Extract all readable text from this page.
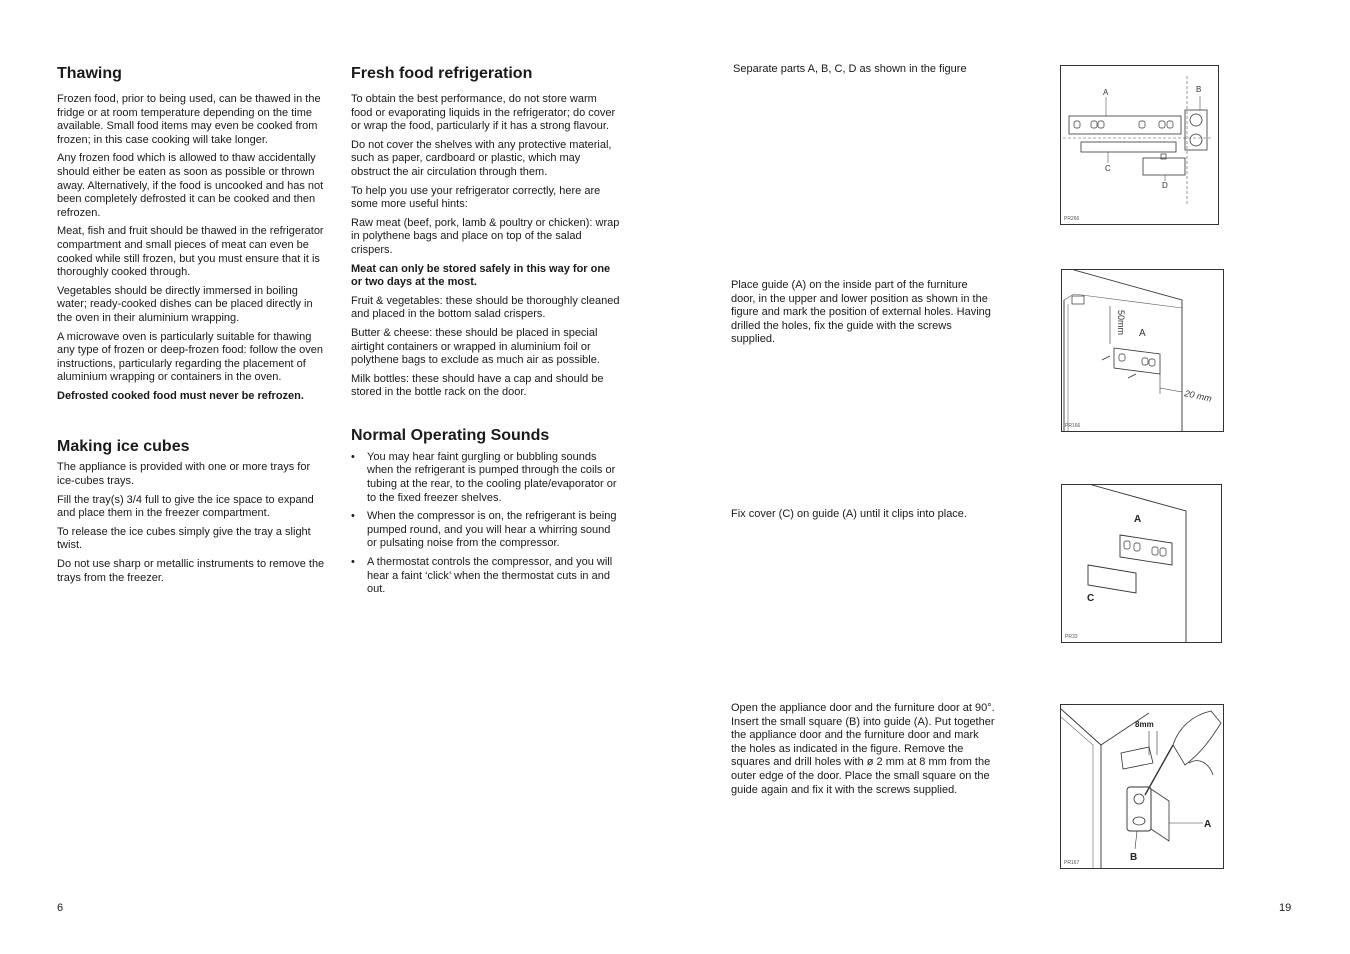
Thawing

Frozen food, prior to being used, can be thawed in the fridge or at room temperature depending on the time available. Small food items may even be cooked from frozen; in this case cooking will take longer.

Any frozen food which is allowed to thaw accidentally should either be eaten as soon as possible or thrown away. Alternatively, if the food is uncooked and has not been completely defrosted it can be cooked and then refrozen.

Meat, fish and fruit should be thawed in the refrigerator compartment and small pieces of meat can even be cooked while still frozen, but you must ensure that it is thoroughly cooked through.

Vegetables should be directly immersed in boiling water; ready-cooked dishes can be placed directly in the oven in their aluminium wrapping.

A microwave oven is particularly suitable for thawing any type of frozen or deep-frozen food: follow the oven instructions, particularly regarding the placement of aluminium wrapping or containers in the oven.

Defrosted cooked food must never be refrozen.

Making ice cubes

The appliance is provided with one or more trays for ice-cubes trays.

Fill the tray(s) 3/4 full to give the ice space to expand and place them in the freezer compartment.

To release the ice cubes simply give the tray a slight twist.

Do not use sharp or metallic instruments to remove the trays from the freezer.

Fresh food refrigeration

To obtain the best performance, do not store warm food or evaporating liquids in the refrigerator; do cover or wrap the food, particularly if it has a strong flavour.

Do not cover the shelves with any protective material, such as paper, cardboard or plastic, which may obstruct the air circulation through them.

To help you use your refrigerator correctly, here are some more useful hints:

Raw meat (beef, pork, lamb & poultry or chicken): wrap in polythene bags and place on top of the salad crispers.

Meat can only be stored safely in this way for one or two days at the most.

Fruit & vegetables: these should be thoroughly cleaned and placed in the bottom salad crispers.

Butter & cheese: these should be placed in special airtight containers or wrapped in aluminium foil or polythene bags to exclude as much air as possible.

Milk bottles: these should have a cap and should be stored in the bottle rack on the door.

Normal Operating Sounds
• You may hear faint gurgling or bubbling sounds when the refrigerant is pumped through the coils or tubing at the rear, to the cooling plate/evaporator or to the fixed freezer shelves.
• When the compressor is on, the refrigerant is being pumped round, and you will hear a whirring sound or pulsating noise from the compressor.
• A thermostat controls the compressor, and you will hear a faint ‘click’ when the thermostat cuts in and out.
6
Separate parts A, B, C, D as shown in the figure
Place guide (A) on the inside part of the furniture door, in the upper and lower position as shown in the figure and mark the position of external holes. Having drilled the holes, fix the guide with the screws supplied.
Fix cover (C) on guide (A) until it clips into place.
Open the appliance door and the furniture door at 90°. Insert the small square (B) into guide (A). Put together the appliance door and the furniture door and mark the holes as indicated in the figure. Remove the squares and drill holes with ø 2 mm at 8 mm from the outer edge of the door. Place the small square on the guide again and fix it with the screws supplied.
A	B
C
D
PR266
50mm A
20 mm
PR166
A
C
PR33
8mm
A
B
PR167
19
